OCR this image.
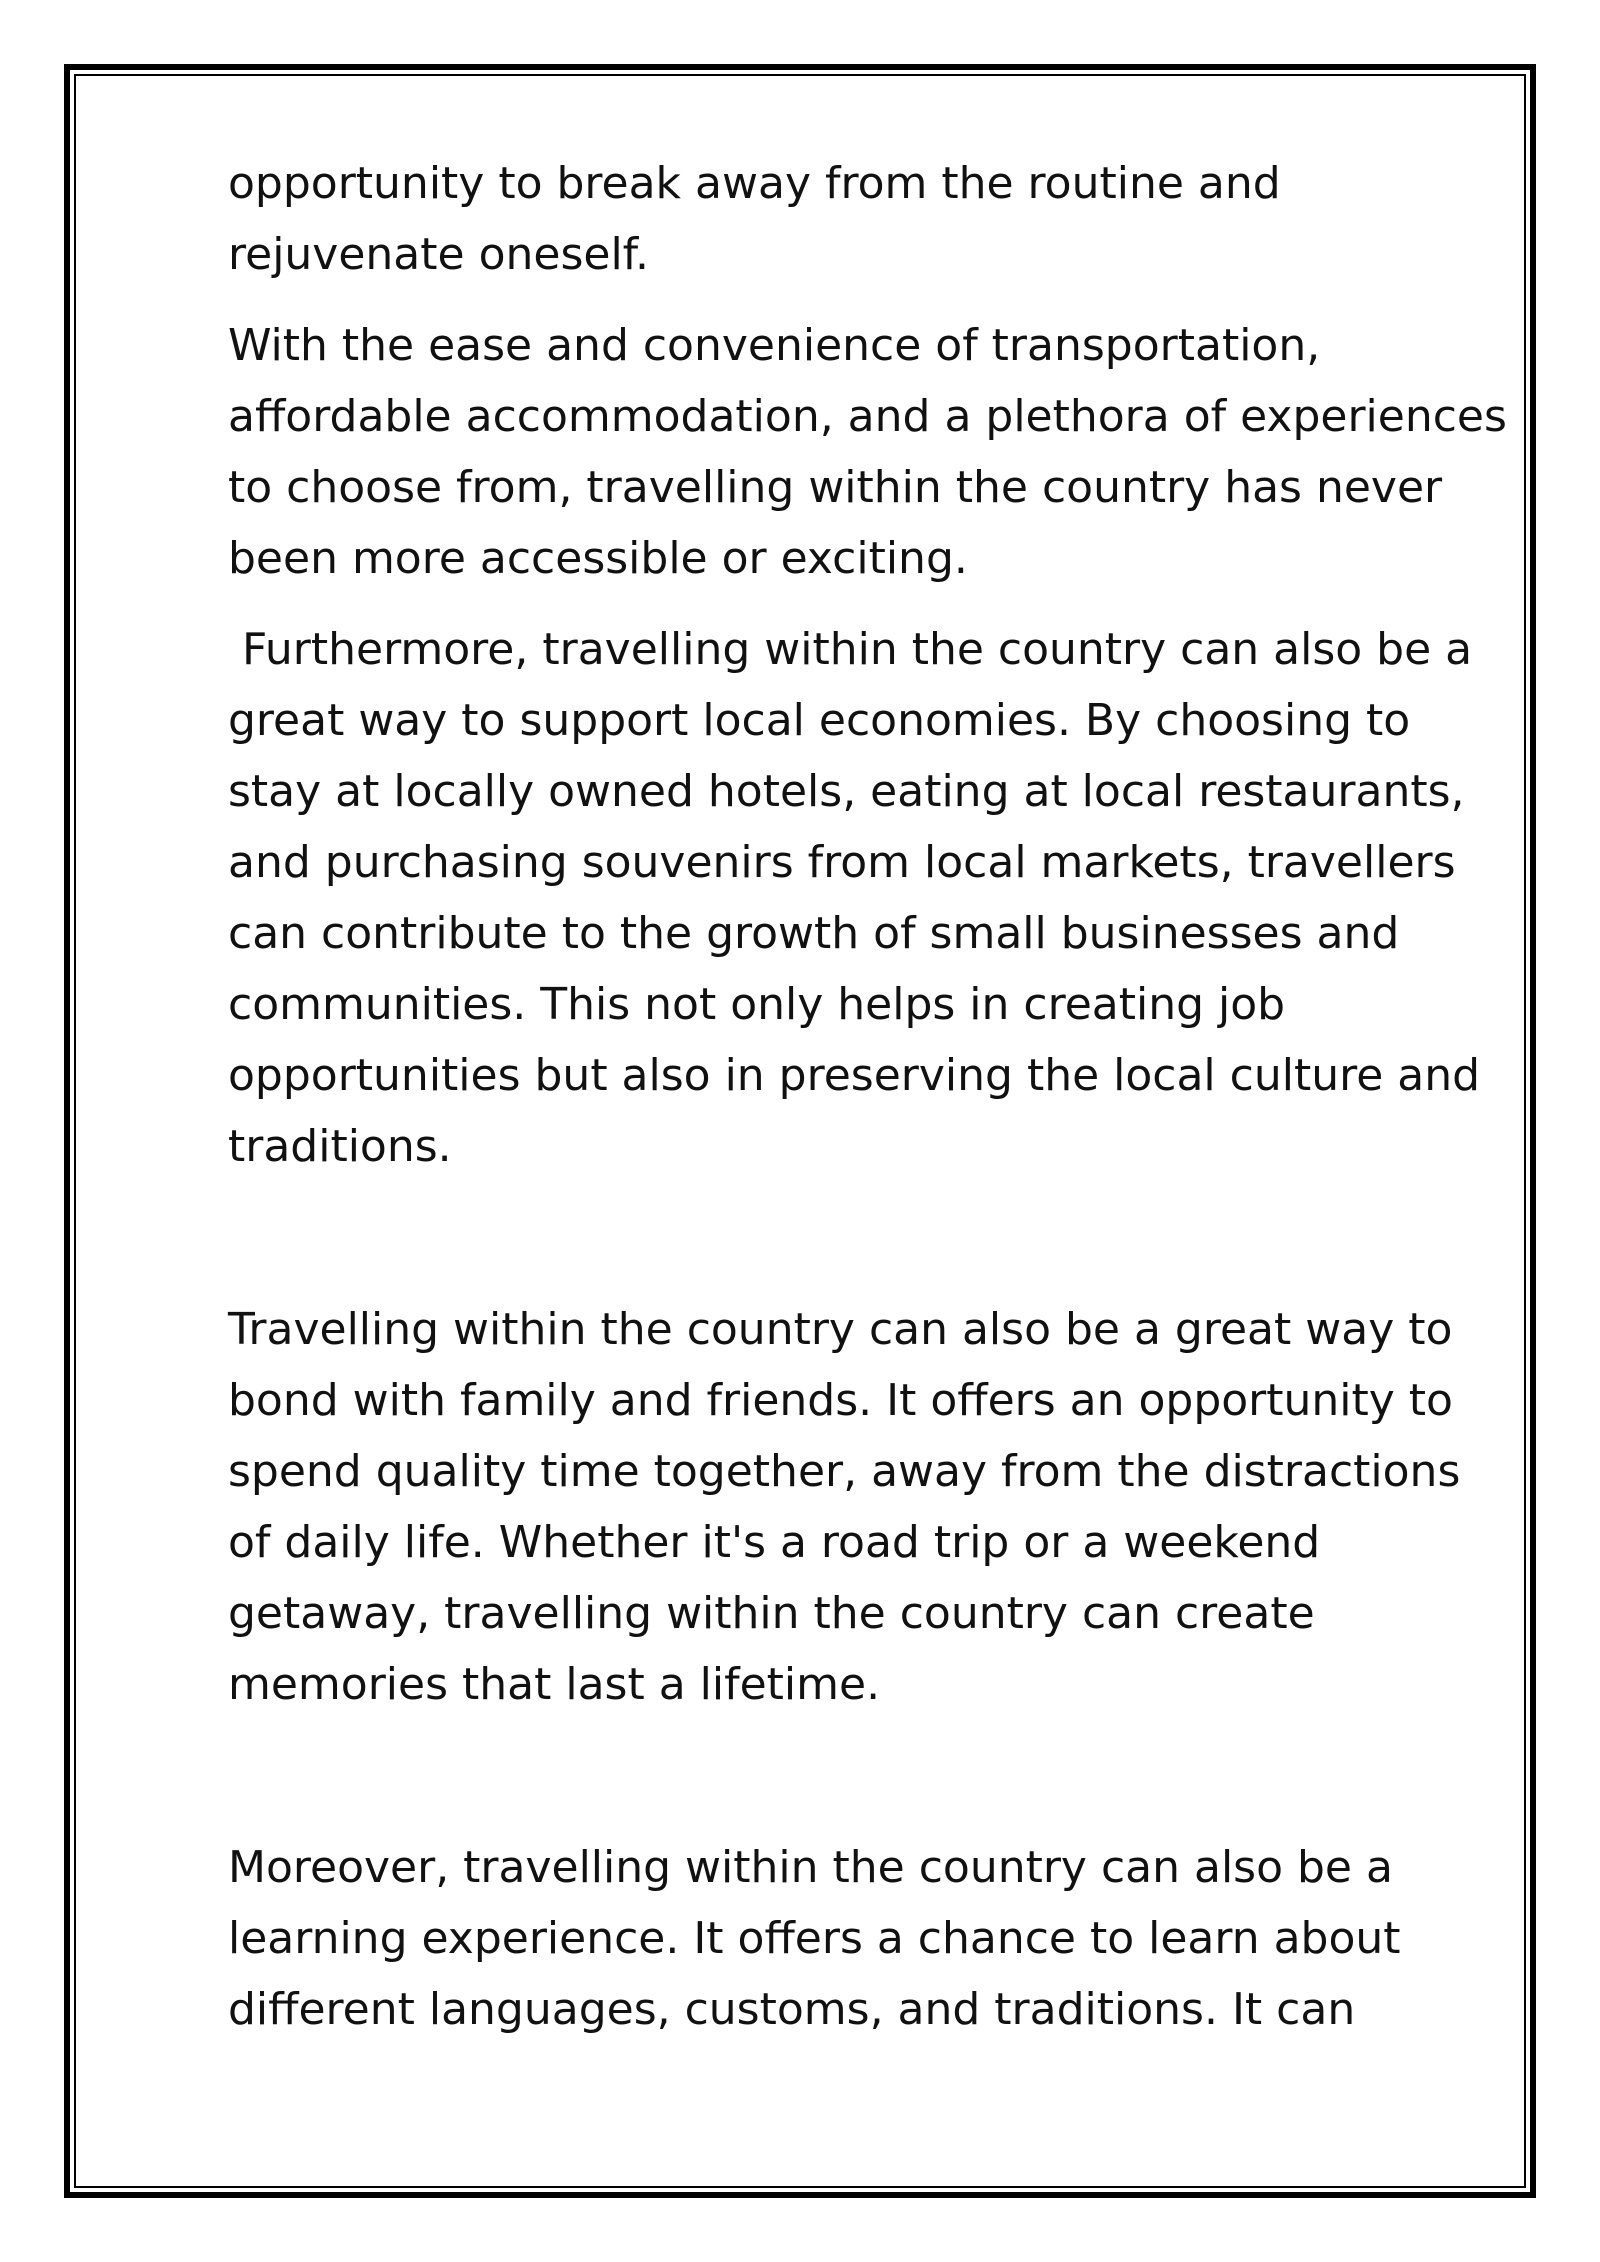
opportunity to break away from the routine and rejuvenate oneself.

With the ease and convenience of transportation, affordable accommodation, and a plethora of experiences to choose from, travelling within the country has never been more accessible or exciting.

Furthermore, travelling within the country can also be a great way to support local economies. By choosing to stay at locally owned hotels, eating at local restaurants, and purchasing souvenirs from local markets, travellers can contribute to the growth of small businesses and communities. This not only helps in creating job opportunities but also in preserving the local culture and traditions.

Travelling within the country can also be a great way to bond with family and friends. It offers an opportunity to spend quality time together, away from the distractions of daily life. Whether it's a road trip or a weekend getaway, travelling within the country can create memories that last a lifetime.

Moreover, travelling within the country can also be a learning experience. It offers a chance to learn about different languages, customs, and traditions. It can
